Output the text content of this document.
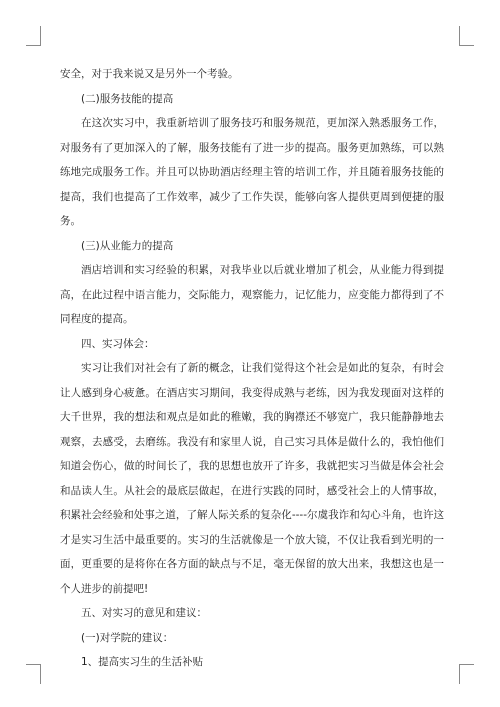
安全，对于我来说又是另外一个考验。

(二)服务技能的提高

在这次实习中，我重新培训了服务技巧和服务规范，更加深入熟悉服务工作，对服务有了更加深入的了解，服务技能有了进一步的提高。服务更加熟练，可以熟练地完成服务工作。并且可以协助酒店经理主管的培训工作，并且随着服务技能的提高，我们也提高了工作效率，减少了工作失误，能够向客人提供更周到便捷的服务。

(三)从业能力的提高

酒店培训和实习经验的积累，对我毕业以后就业增加了机会，从业能力得到提高，在此过程中语言能力，交际能力，观察能力，记忆能力，应变能力都得到了不同程度的提高。

四、实习体会：

实习让我们对社会有了新的概念，让我们觉得这个社会是如此的复杂，有时会让人感到身心疲惫。在酒店实习期间，我变得成熟与老练，因为我发现面对这样的大千世界，我的想法和观点是如此的稚嫩，我的胸襟还不够宽广，我只能静静地去观察，去感受，去磨练。我没有和家里人说，自己实习具体是做什么的，我怕他们知道会伤心，做的时间长了，我的思想也放开了许多，我就把实习当做是体会社会和品读人生。从社会的最底层做起，在进行实践的同时，感受社会上的人情事故，积累社会经验和处事之道，了解人际关系的复杂化----尔虞我诈和勾心斗角，也许这才是实习生活中最重要的。实习的生活就像是一个放大镜，不仅让我看到光明的一面，更重要的是将你在各方面的缺点与不足，毫无保留的放大出来，我想这也是一个人进步的前提吧!

五、对实习的意见和建议：

(一)对学院的建议：

1、提高实习生的生活补贴
